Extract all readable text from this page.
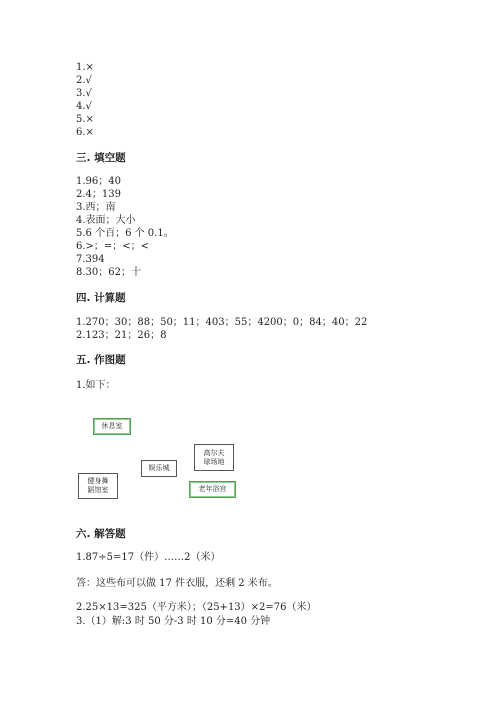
1.×
2.√
3.√
4.√
5.×
6.×
三. 填空题
1.96；40
2.4；139
3.西；南
4.表面；大小
5.6 个百；6 个 0.1。
6.>；=；<；<
7.394
8.30；62；十
四. 计算题
1.270；30；88；50；11；403；55；4200；0；84；40；22
2.123；21；26；8
五. 作图题
1.如下：
休息室
娱乐城
高尔夫
球场地
健身舞
蹈馆室	老年浴宫
六. 解答题
1.87÷5=17（件）……2（米）
答：这些布可以做 17 件衣服，还剩 2 米布。
2.25×13=325（平方米）；（25+13）×2=76（米）
3.（1）解:3 时 50 分-3 时 10 分=40 分钟
